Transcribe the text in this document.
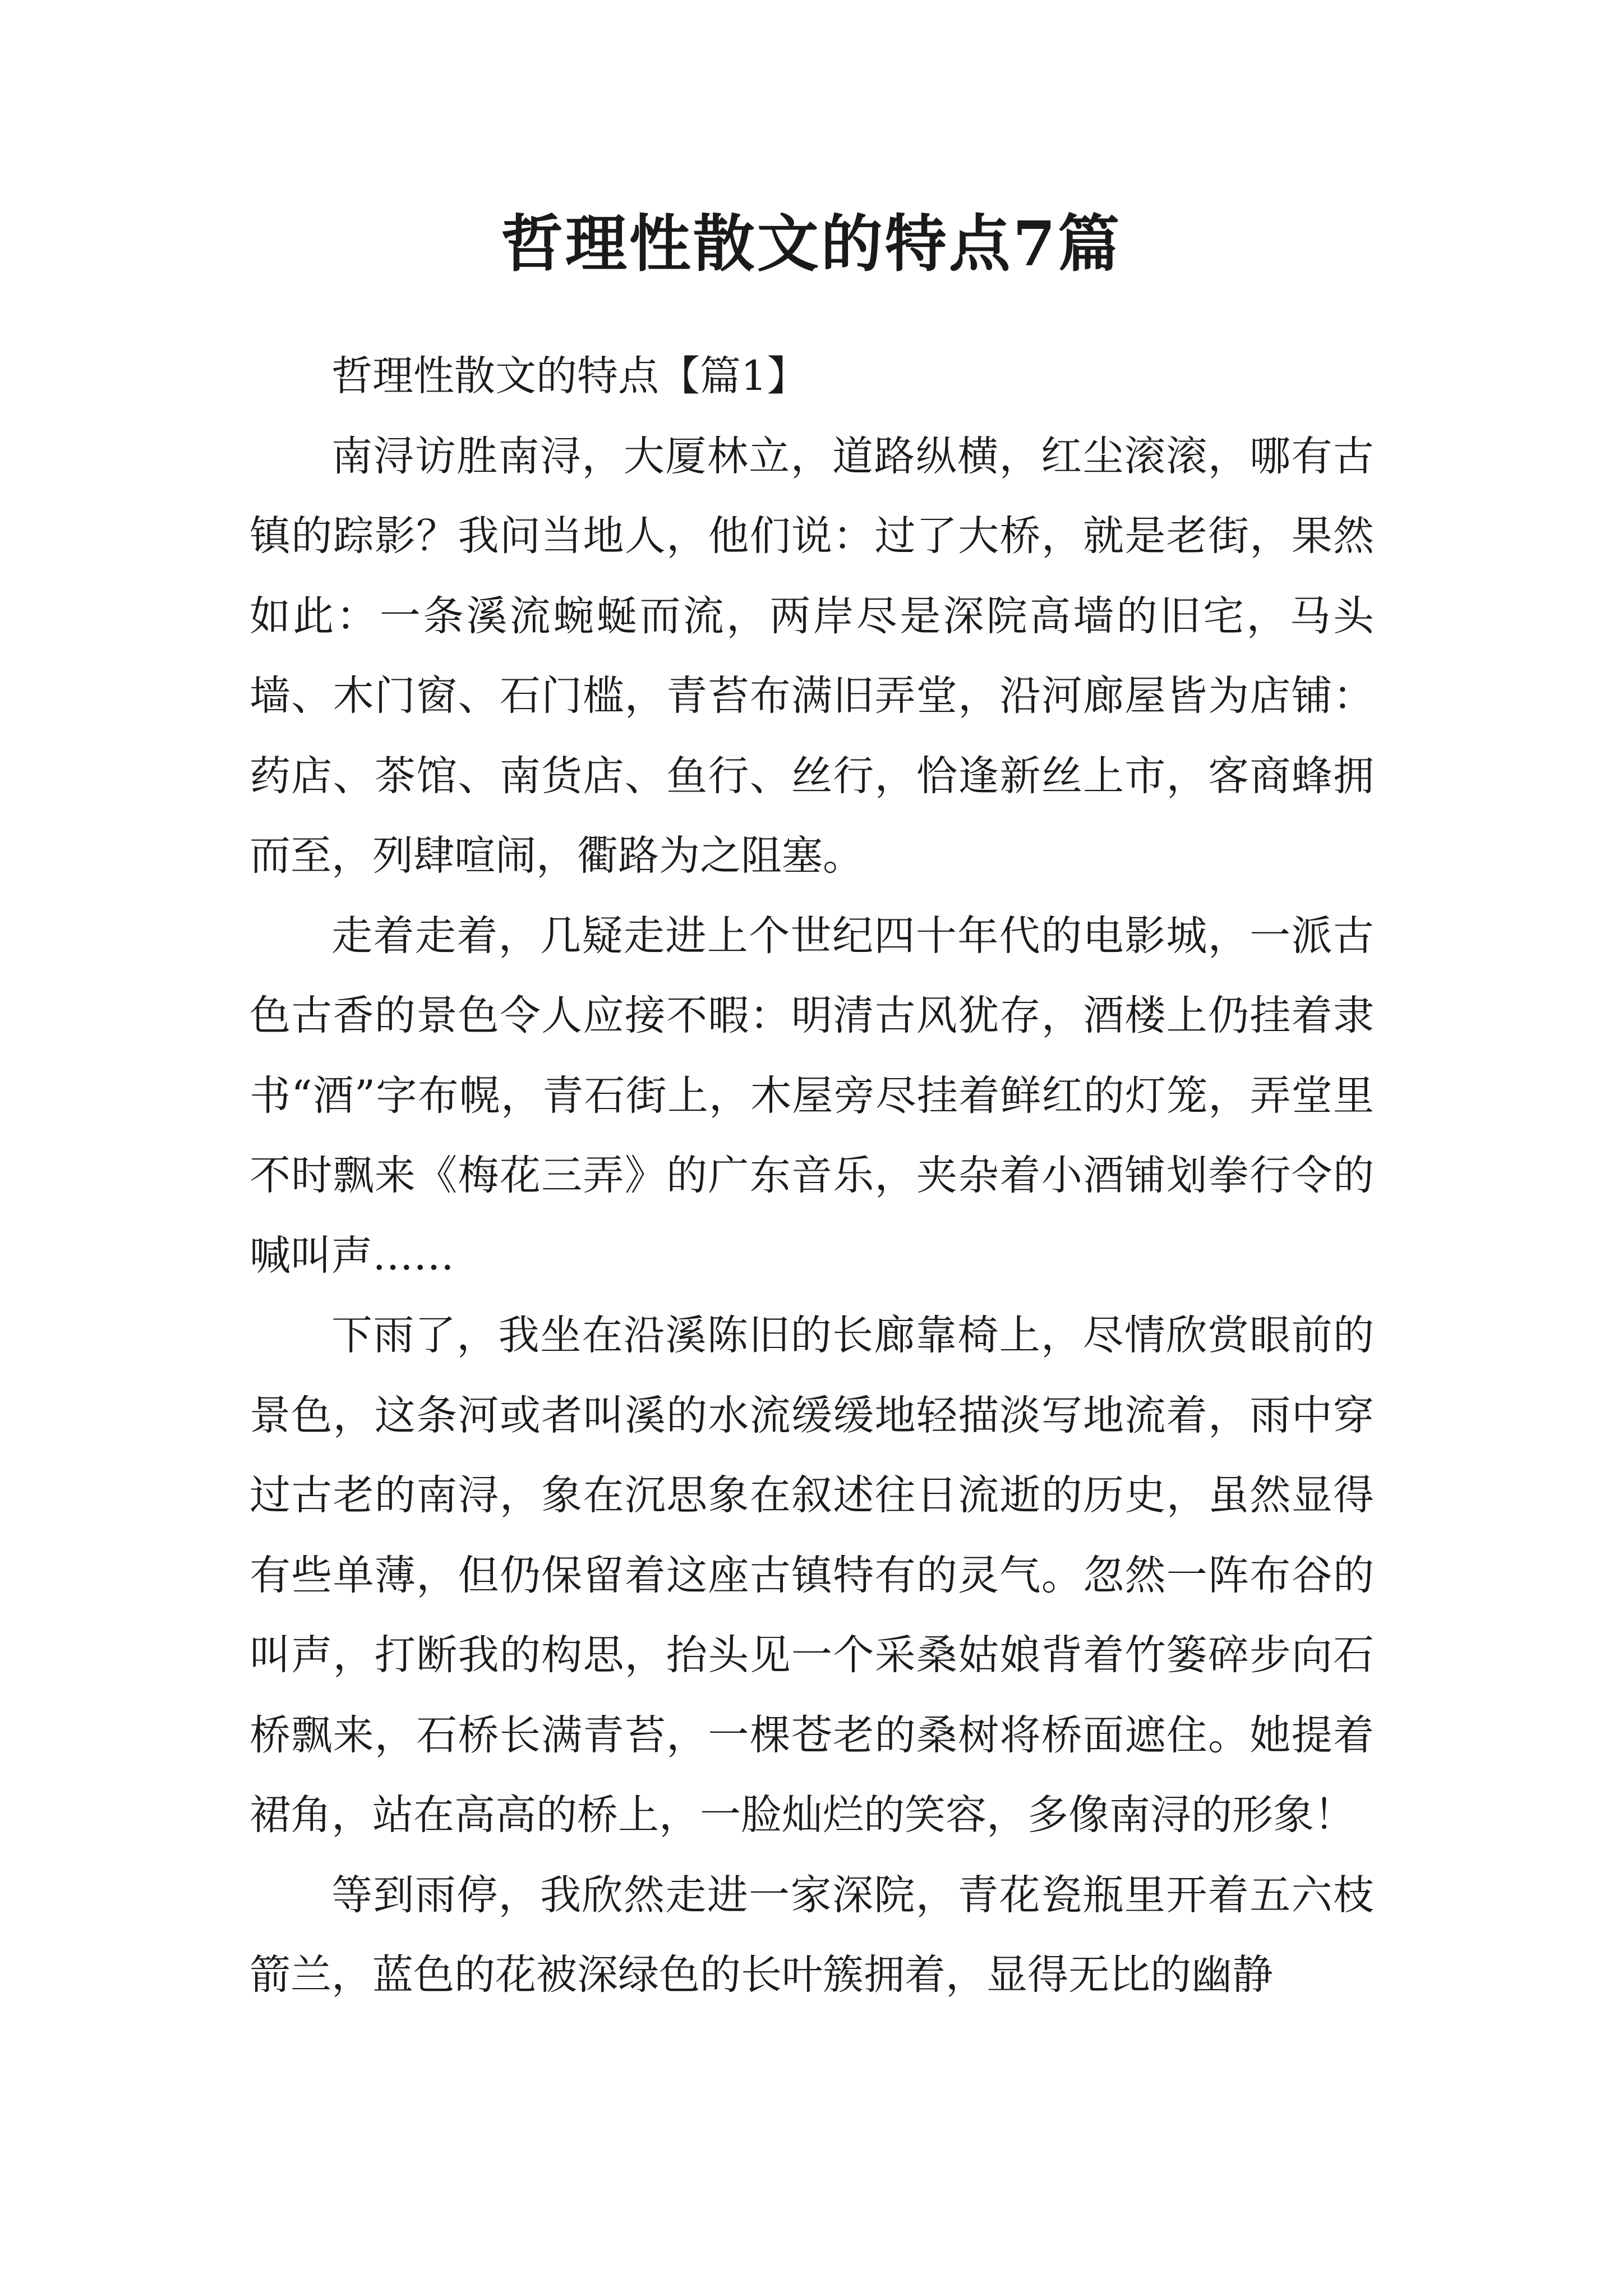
哲理性散文的特点7篇

哲理性散文的特点【篇1】

南浔访胜南浔，大厦林立，道路纵横，红尘滚滚，哪有古镇的踪影？我问当地人，他们说：过了大桥，就是老街，果然如此：一条溪流蜿蜒而流，两岸尽是深院高墙的旧宅，马头墙、木门窗、石门槛，青苔布满旧弄堂，沿河廊屋皆为店铺：药店、茶馆、南货店、鱼行、丝行，恰逢新丝上市，客商蜂拥而至，列肆喧闹，衢路为之阻塞。

走着走着，几疑走进上个世纪四十年代的电影城，一派古色古香的景色令人应接不暇：明清古风犹存，酒楼上仍挂着隶书“酒”字布幌，青石街上，木屋旁尽挂着鲜红的灯笼，弄堂里不时飘来《梅花三弄》的广东音乐，夹杂着小酒铺划拳行令的喊叫声……

下雨了，我坐在沿溪陈旧的长廊靠椅上，尽情欣赏眼前的景色，这条河或者叫溪的水流缓缓地轻描淡写地流着，雨中穿过古老的南浔，象在沉思象在叙述往日流逝的历史，虽然显得有些单薄，但仍保留着这座古镇特有的灵气。忽然一阵布谷的叫声，打断我的构思，抬头见一个采桑姑娘背着竹篓碎步向石桥飘来，石桥长满青苔，一棵苍老的桑树将桥面遮住。她提着裙角，站在高高的桥上，一脸灿烂的笑容，多像南浔的形象！

等到雨停，我欣然走进一家深院，青花瓷瓶里开着五六枝箭兰，蓝色的花被深绿色的长叶簇拥着，显得无比的幽静
